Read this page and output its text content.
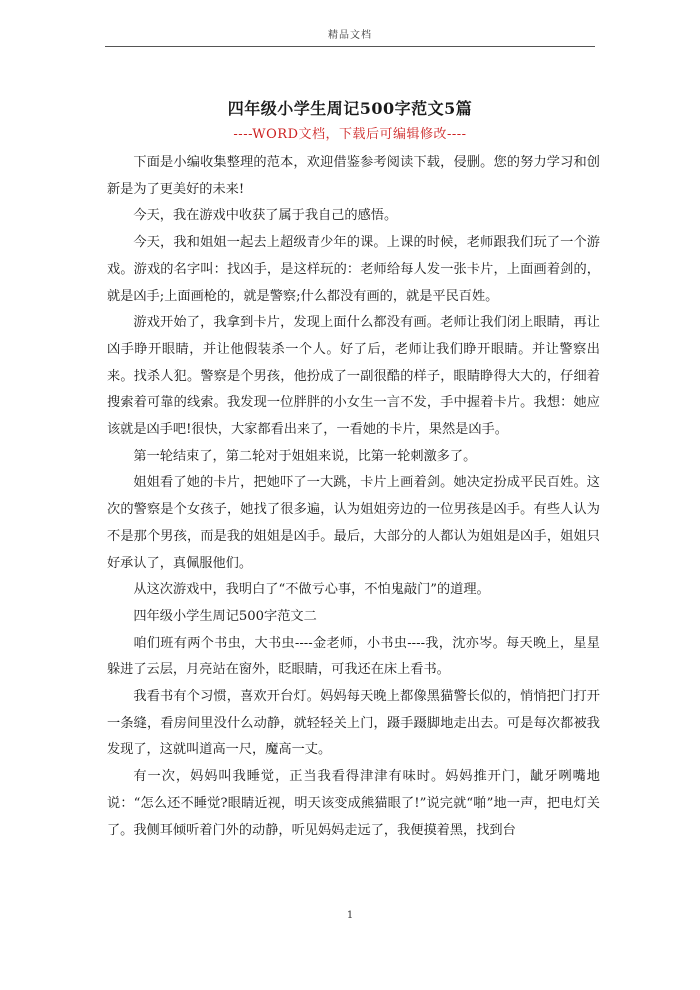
精品文档
四年级小学生周记500字范文5篇
----WORD文档，下载后可编辑修改----

下面是小编收集整理的范本，欢迎借鉴参考阅读下载，侵删。您的努力学习和创新是为了更美好的未来!

今天，我在游戏中收获了属于我自己的感悟。

今天，我和姐姐一起去上超级青少年的课。上课的时候，老师跟我们玩了一个游戏。游戏的名字叫：找凶手，是这样玩的：老师给每人发一张卡片，上面画着剑的，就是凶手;上面画枪的，就是警察;什么都没有画的，就是平民百姓。

游戏开始了，我拿到卡片，发现上面什么都没有画。老师让我们闭上眼睛，再让凶手睁开眼睛，并让他假装杀一个人。好了后，老师让我们睁开眼睛。并让警察出来。找杀人犯。警察是个男孩，他扮成了一副很酷的样子，眼睛睁得大大的，仔细着搜索着可靠的线索。我发现一位胖胖的小女生一言不发，手中握着卡片。我想：她应该就是凶手吧!很快，大家都看出来了，一看她的卡片，果然是凶手。

第一轮结束了，第二轮对于姐姐来说，比第一轮刺激多了。

姐姐看了她的卡片，把她吓了一大跳，卡片上画着剑。她决定扮成平民百姓。这次的警察是个女孩子，她找了很多遍，认为姐姐旁边的一位男孩是凶手。有些人认为不是那个男孩，而是我的姐姐是凶手。最后，大部分的人都认为姐姐是凶手，姐姐只好承认了，真佩服他们。

从这次游戏中，我明白了“不做亏心事，不怕鬼敲门”的道理。

四年级小学生周记500字范文二

咱们班有两个书虫，大书虫----金老师，小书虫----我，沈亦岑。每天晚上，星星躲进了云层，月亮站在窗外，眨眼睛，可我还在床上看书。

我看书有个习惯，喜欢开台灯。妈妈每天晚上都像黑猫警长似的，悄悄把门打开一条缝，看房间里没什么动静，就轻轻关上门，蹑手蹑脚地走出去。可是每次都被我发现了，这就叫道高一尺，魔高一丈。

有一次，妈妈叫我睡觉，正当我看得津津有味时。妈妈推开门，龇牙咧嘴地说：“怎么还不睡觉?眼睛近视，明天该变成熊猫眼了!”说完就“啪”地一声，把电灯关了。我侧耳倾听着门外的动静，听见妈妈走远了，我便摸着黑，找到台

1
